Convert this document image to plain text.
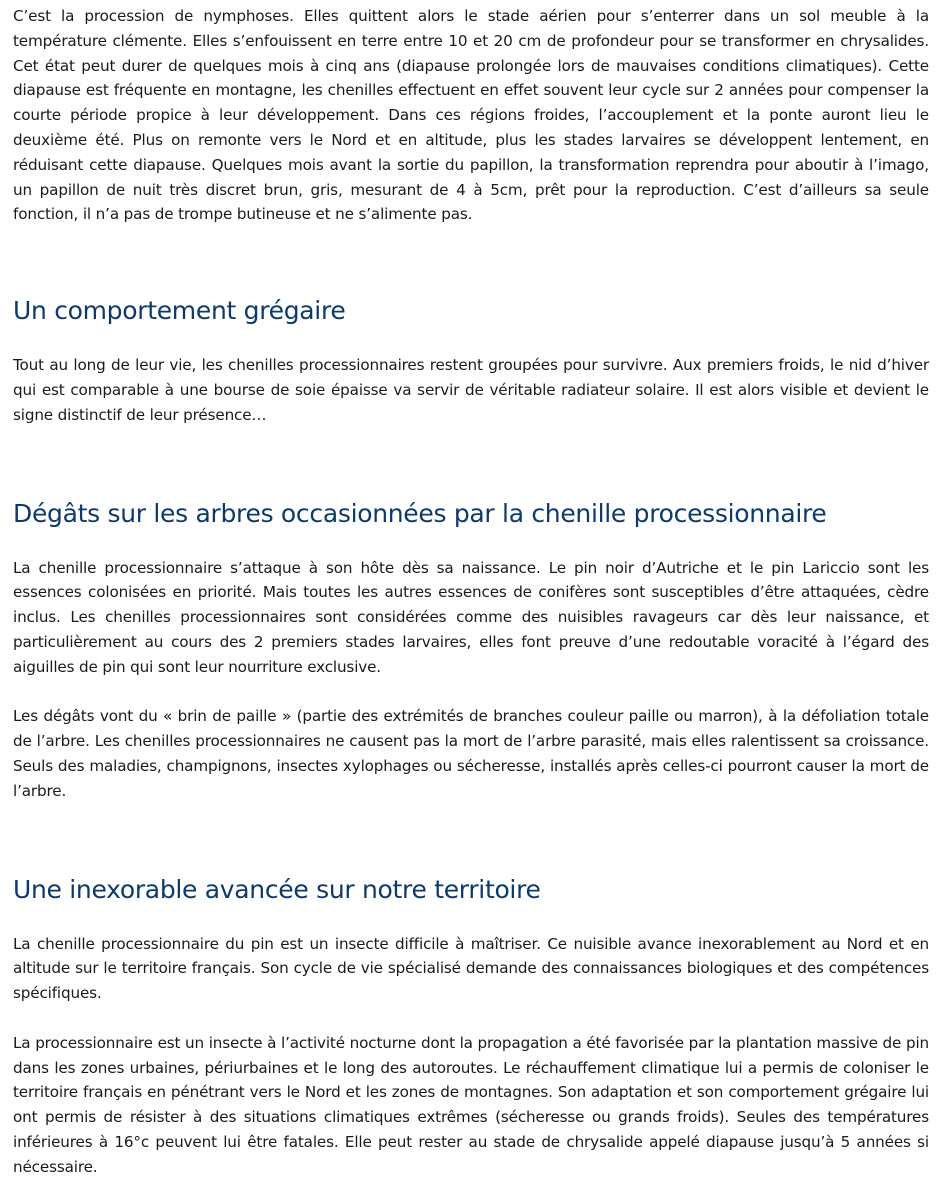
C’est la procession de nymphoses. Elles quittent alors le stade aérien pour s’enterrer dans un sol meuble à la température clémente. Elles s’enfouissent en terre entre 10 et 20 cm de profondeur pour se transformer en chrysalides. Cet état peut durer de quelques mois à cinq ans (diapause prolongée lors de mauvaises conditions climatiques). Cette diapause est fréquente en montagne, les chenilles effectuent en effet souvent leur cycle sur 2 années pour compenser la courte période propice à leur développement. Dans ces régions froides, l’accouplement et la ponte auront lieu le deuxième été. Plus on remonte vers le Nord et en altitude, plus les stades larvaires se développent lentement, en réduisant cette diapause. Quelques mois avant la sortie du papillon, la transformation reprendra pour aboutir à l’imago, un papillon de nuit très discret brun, gris, mesurant de 4 à 5cm, prêt pour la reproduction. C’est d’ailleurs sa seule fonction, il n’a pas de trompe butineuse et ne s’alimente pas.

Un comportement grégaire

Tout au long de leur vie, les chenilles processionnaires restent groupées pour survivre. Aux premiers froids, le nid d’hiver qui est comparable à une bourse de soie épaisse va servir de véritable radiateur solaire. Il est alors visible et devient le signe distinctif de leur présence…

Dégâts sur les arbres occasionnées par la chenille processionnaire

La chenille processionnaire s’attaque à son hôte dès sa naissance. Le pin noir d’Autriche et le pin Lariccio sont les essences colonisées en priorité. Mais toutes les autres essences de conifères sont susceptibles d’être attaquées, cèdre inclus. Les chenilles processionnaires sont considérées comme des nuisibles ravageurs car dès leur naissance, et particulièrement au cours des 2 premiers stades larvaires, elles font preuve d’une redoutable voracité à l’égard des aiguilles de pin qui sont leur nourriture exclusive.

Les dégâts vont du « brin de paille » (partie des extrémités de branches couleur paille ou marron), à la défoliation totale de l’arbre. Les chenilles processionnaires ne causent pas la mort de l’arbre parasité, mais elles ralentissent sa croissance. Seuls des maladies, champignons, insectes xylophages ou sécheresse, installés après celles-ci pourront causer la mort de l’arbre.

Une inexorable avancée sur notre territoire

La chenille processionnaire du pin est un insecte difficile à maîtriser. Ce nuisible avance inexorablement au Nord et en altitude sur le territoire français. Son cycle de vie spécialisé demande des connaissances biologiques et des compétences spécifiques.

La processionnaire est un insecte à l’activité nocturne dont la propagation a été favorisée par la plantation massive de pin dans les zones urbaines, périurbaines et le long des autoroutes. Le réchauffement climatique lui a permis de coloniser le territoire français en pénétrant vers le Nord et les zones de montagnes. Son adaptation et son comportement grégaire lui ont permis de résister à des situations climatiques extrêmes (sécheresse ou grands froids). Seules des températures inférieures à 16°c peuvent lui être fatales. Elle peut rester au stade de chrysalide appelé diapause jusqu’à 5 années si nécessaire.
